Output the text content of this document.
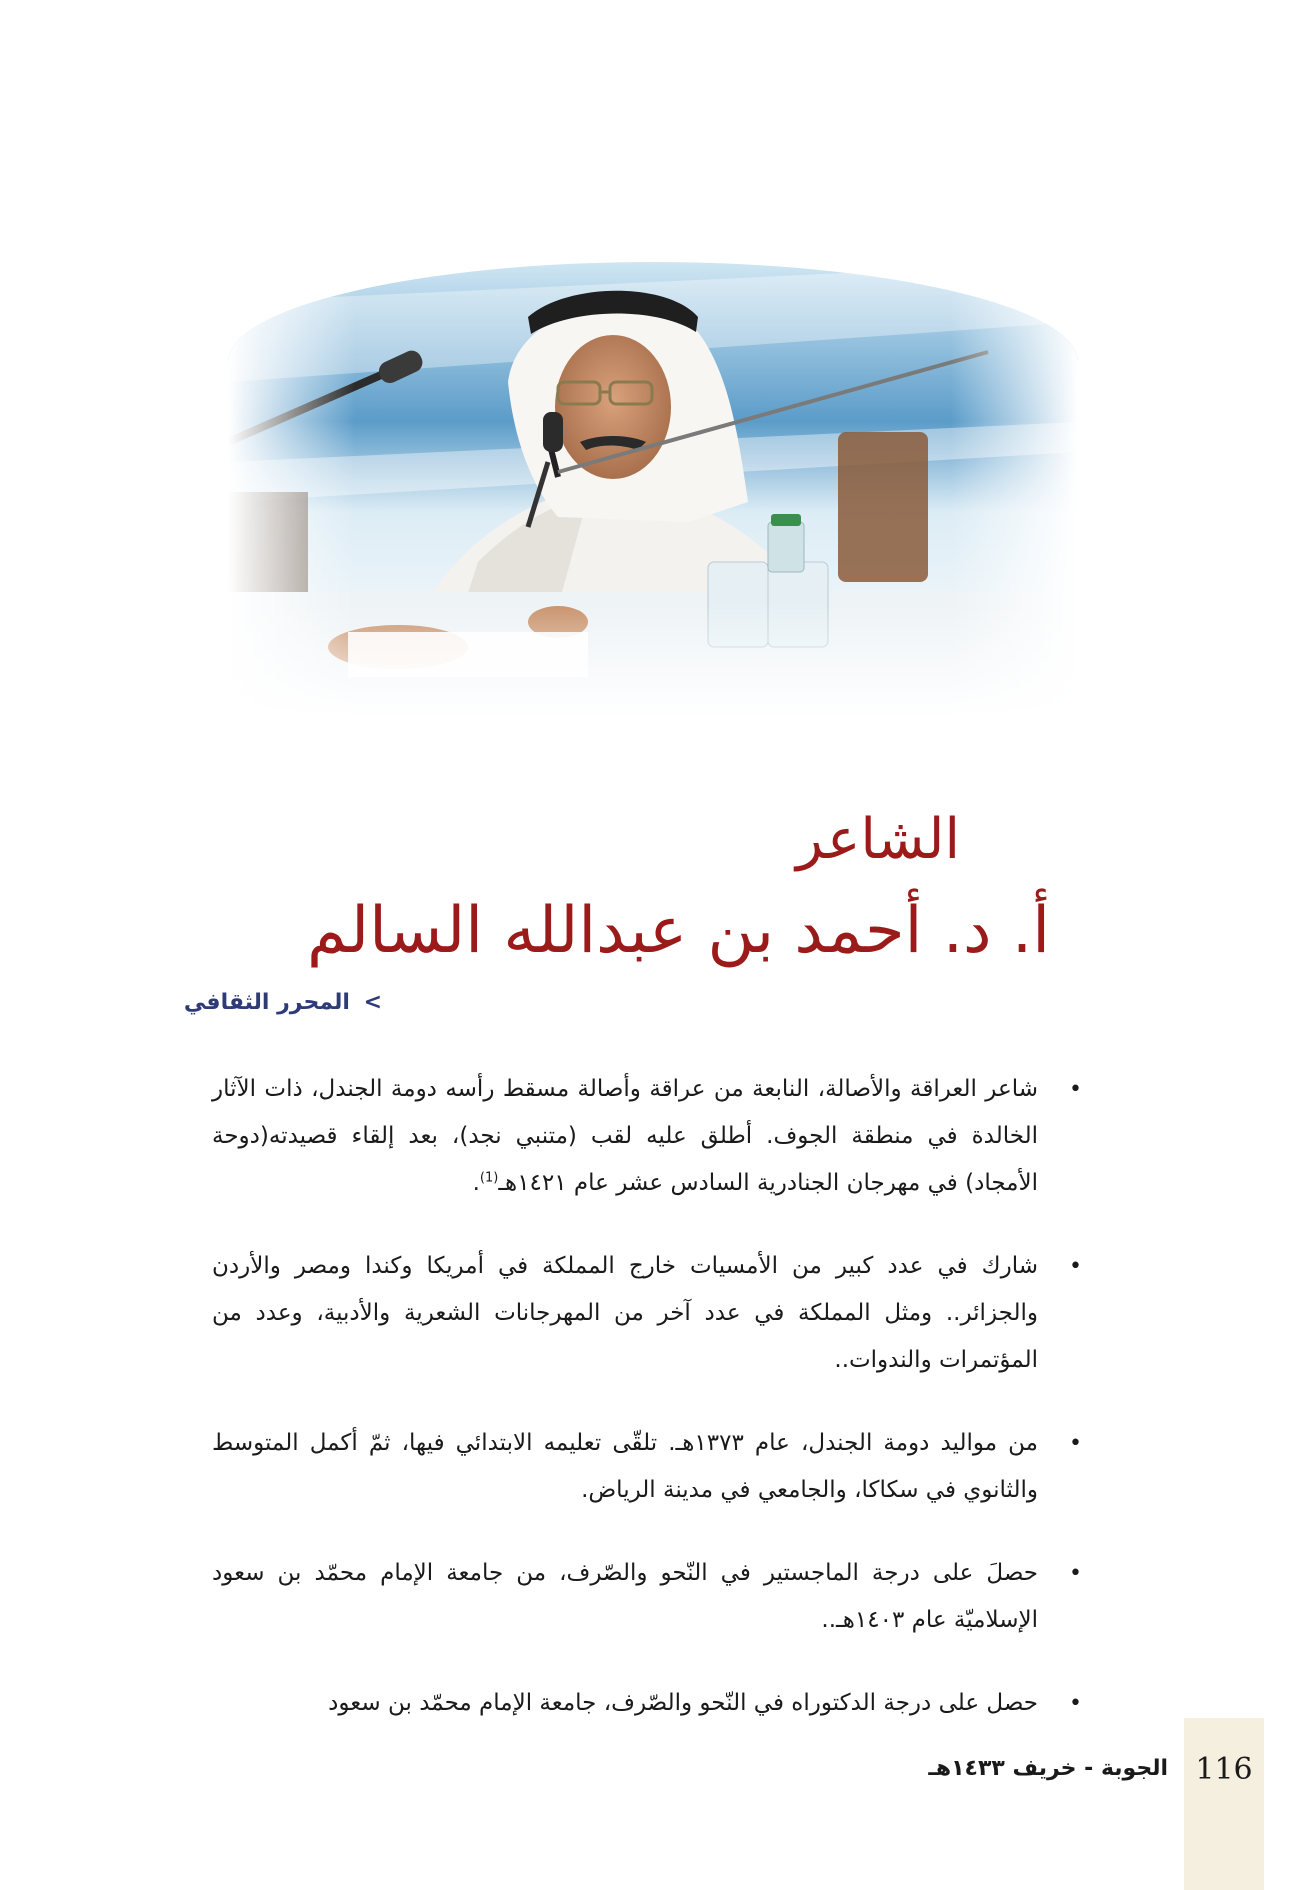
الشاعر
أ. د. أحمد بن عبدالله السالم
> المحرر الثقافي
•
شاعر العراقة والأصالة، النابعة من عراقة وأصالة مسقط رأسه دومة الجندل، ذات الآثار الخالدة في منطقة الجوف. أطلق عليه لقب (متنبي نجد)، بعد إلقاء قصيدته(دوحة الأمجاد) في مهرجان الجنادرية السادس عشر عام ١٤٢١هـ$^{(1)}$.
•
شارك في عدد كبير من الأمسيات خارج المملكة في أمريكا وكندا ومصر والأردن والجزائر.. ومثل المملكة في عدد آخر من المهرجانات الشعرية والأدبية، وعدد من المؤتمرات والندوات..
•
من مواليد دومة الجندل، عام ١٣٧٣هـ. تلقّى تعليمه الابتدائي فيها، ثمّ أكمل المتوسط والثانوي في سكاكا، والجامعي في مدينة الرياض.
•
حصلَ على درجة الماجستير في النّحو والصّرف، من جامعة الإمام محمّد بن سعود الإسلاميّة عام ١٤٠٣هـ..
•
حصل على درجة الدكتوراه في النّحو والصّرف، جامعة الإمام محمّد بن سعود
116
الجوبة - خريف ١٤٣٣هـ
